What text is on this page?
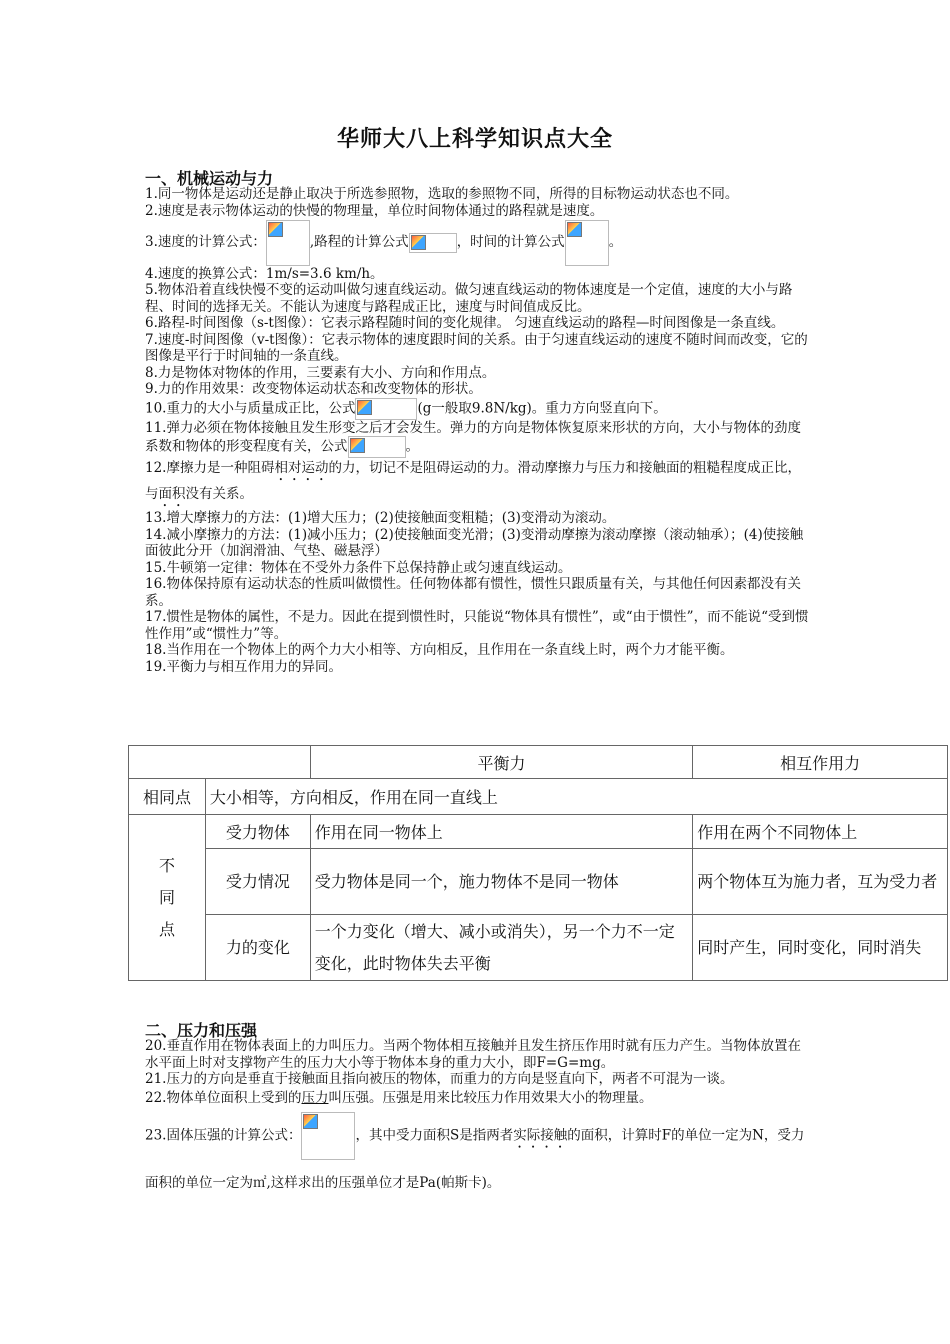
华师大八上科学知识点大全
一、机械运动与力

1.同一物体是运动还是静止取决于所选参照物，选取的参照物不同，所得的目标物运动状态也不同。

2.速度是表示物体运动的快慢的物理量，单位时间物体通过的路程就是速度。

3.速度的计算公式：	,路程的计算公式	，时间的计算公式	。

4.速度的换算公式：1m/s=3.6 km/h。

5.物体沿着直线快慢不变的运动叫做匀速直线运动。做匀速直线运动的物体速度是一个定值，速度的大小与路程、时间的选择无关。不能认为速度与路程成正比，速度与时间值成反比。

6.路程-时间图像（s-t图像）：它表示路程随时间的变化规律。 匀速直线运动的路程—时间图像是一条直线。

7.速度-时间图像（v-t图像）：它表示物体的速度跟时间的关系。由于匀速直线运动的速度不随时间而改变，它的图像是平行于时间轴的一条直线。

8.力是物体对物体的作用，三要素有大小、方向和作用点。

9.力的作用效果：改变物体运动状态和改变物体的形状。

10.重力的大小与质量成正比，公式	(g一般取9.8N/kg)。重力方向竖直向下。

11.弹力必须在物体接触且发生形变之后才会发生。弹力的方向是物体恢复原来形状的方向，大小与物体的劲度系数和物体的形变程度有关，公式	。

12.摩擦力是一种阻碍相对运动的力，切记不是阻碍运动的力。滑动摩擦力与压力和接触面的粗糙程度成正比，与面积没有关系。

13.增大摩擦力的方法：(1)增大压力；(2)使接触面变粗糙；(3)变滑动为滚动。

14.减小摩擦力的方法：(1)减小压力；(2)使接触面变光滑；(3)变滑动摩擦为滚动摩擦（滚动轴承）；(4)使接触面彼此分开（加润滑油、气垫、磁悬浮）

15.牛顿第一定律：物体在不受外力条件下总保持静止或匀速直线运动。

16.物体保持原有运动状态的性质叫做惯性。任何物体都有惯性，惯性只跟质量有关，与其他任何因素都没有关系。

17.惯性是物体的属性，不是力。因此在提到惯性时，只能说“物体具有惯性”，或“由于惯性”，而不能说“受到惯性作用”或“惯性力”等。

18.当作用在一个物体上的两个力大小相等、方向相反，且作用在一条直线上时，两个力才能平衡。

19.平衡力与相互作用力的异同。

		平衡力	相互作用力
相同点	大小相等，方向相反，作用在同一直线上		
不同点	受力物体	作用在同一物体上	作用在两个不同物体上
	受力情况	受力物体是同一个，施力物体不是同一物体	两个物体互为施力者，互为受力者
	力的变化	一个力变化（增大、减小或消失），另一个力不一定变化，此时物体失去平衡	同时产生，同时变化，同时消失
二、压力和压强

20.垂直作用在物体表面上的力叫压力。当两个物体相互接触并且发生挤压作用时就有压力产生。当物体放置在水平面上时对支撑物产生的压力大小等于物体本身的重力大小，即F=G=mg。

21.压力的方向是垂直于接触面且指向被压的物体，而重力的方向是竖直向下，两者不可混为一谈。

22.物体单位面积上受到的压力叫压强。压强是用来比较压力作用效果大小的物理量。

23.固体压强的计算公式：	，其中受力面积S是指两者实际接触的面积，计算时F的单位一定为N，受力面积的单位一定为㎡,这样求出的压强单位才是Pa(帕斯卡)。
